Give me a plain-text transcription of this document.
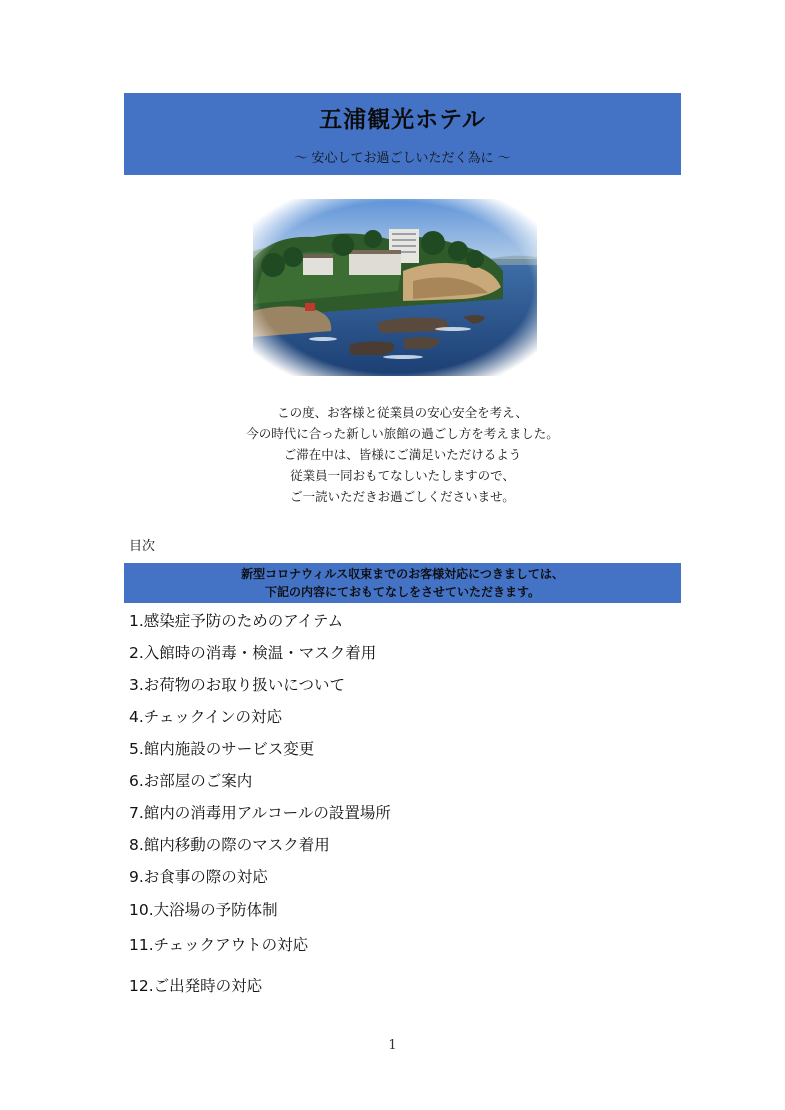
五浦観光ホテル
～ 安心してお過ごしいただく為に ～
この度、お客様と従業員の安心安全を考え、
今の時代に合った新しい旅館の過ごし方を考えました。
ご滞在中は、皆様にご満足いただけるよう
従業員一同おもてなしいたしますので、
ご一読いただきお過ごしくださいませ。
目次
新型コロナウィルス収束までのお客様対応につきましては、
下記の内容にておもてなしをさせていただきます。
1.感染症予防のためのアイテム
2.入館時の消毒・検温・マスク着用
3.お荷物のお取り扱いについて
4.チェックインの対応
5.館内施設のサービス変更
6.お部屋のご案内
7.館内の消毒用アルコールの設置場所
8.館内移動の際のマスク着用
9.お食事の際の対応
10.大浴場の予防体制
11.チェックアウトの対応
12.ご出発時の対応
1
